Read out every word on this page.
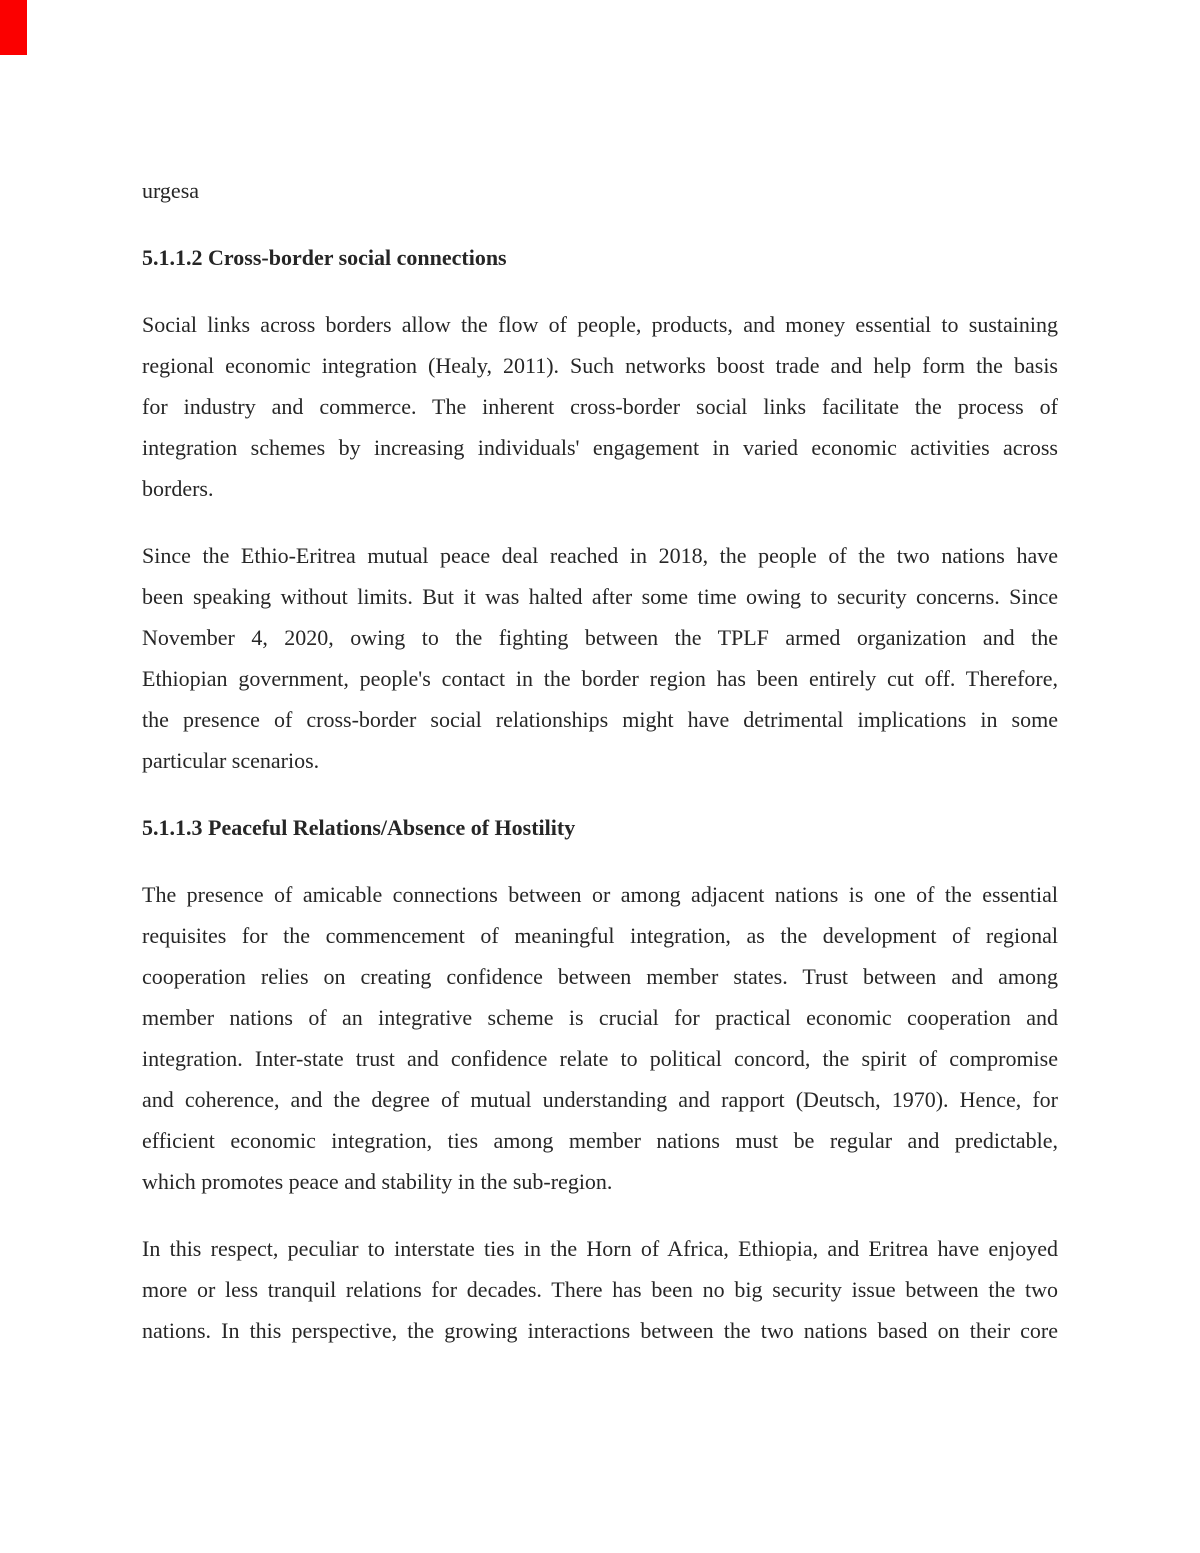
urgesa
5.1.1.2 Cross-border social connections
Social links across borders allow the flow of people, products, and money essential to sustaining
regional economic integration (Healy, 2011). Such networks boost trade and help form the basis
for industry and commerce. The inherent cross-border social links facilitate the process of
integration schemes by increasing individuals' engagement in varied economic activities across
borders.
Since the Ethio-Eritrea mutual peace deal reached in 2018, the people of the two nations have
been speaking without limits. But it was halted after some time owing to security concerns. Since
November 4, 2020, owing to the fighting between the TPLF armed organization and the
Ethiopian government, people's contact in the border region has been entirely cut off. Therefore,
the presence of cross-border social relationships might have detrimental implications in some
particular scenarios.
5.1.1.3 Peaceful Relations/Absence of Hostility
The presence of amicable connections between or among adjacent nations is one of the essential
requisites for the commencement of meaningful integration, as the development of regional
cooperation relies on creating confidence between member states. Trust between and among
member nations of an integrative scheme is crucial for practical economic cooperation and
integration. Inter-state trust and confidence relate to political concord, the spirit of compromise
and coherence, and the degree of mutual understanding and rapport (Deutsch, 1970). Hence, for
efficient economic integration, ties among member nations must be regular and predictable,
which promotes peace and stability in the sub-region.
In this respect, peculiar to interstate ties in the Horn of Africa, Ethiopia, and Eritrea have enjoyed
more or less tranquil relations for decades. There has been no big security issue between the two
nations. In this perspective, the growing interactions between the two nations based on their core
